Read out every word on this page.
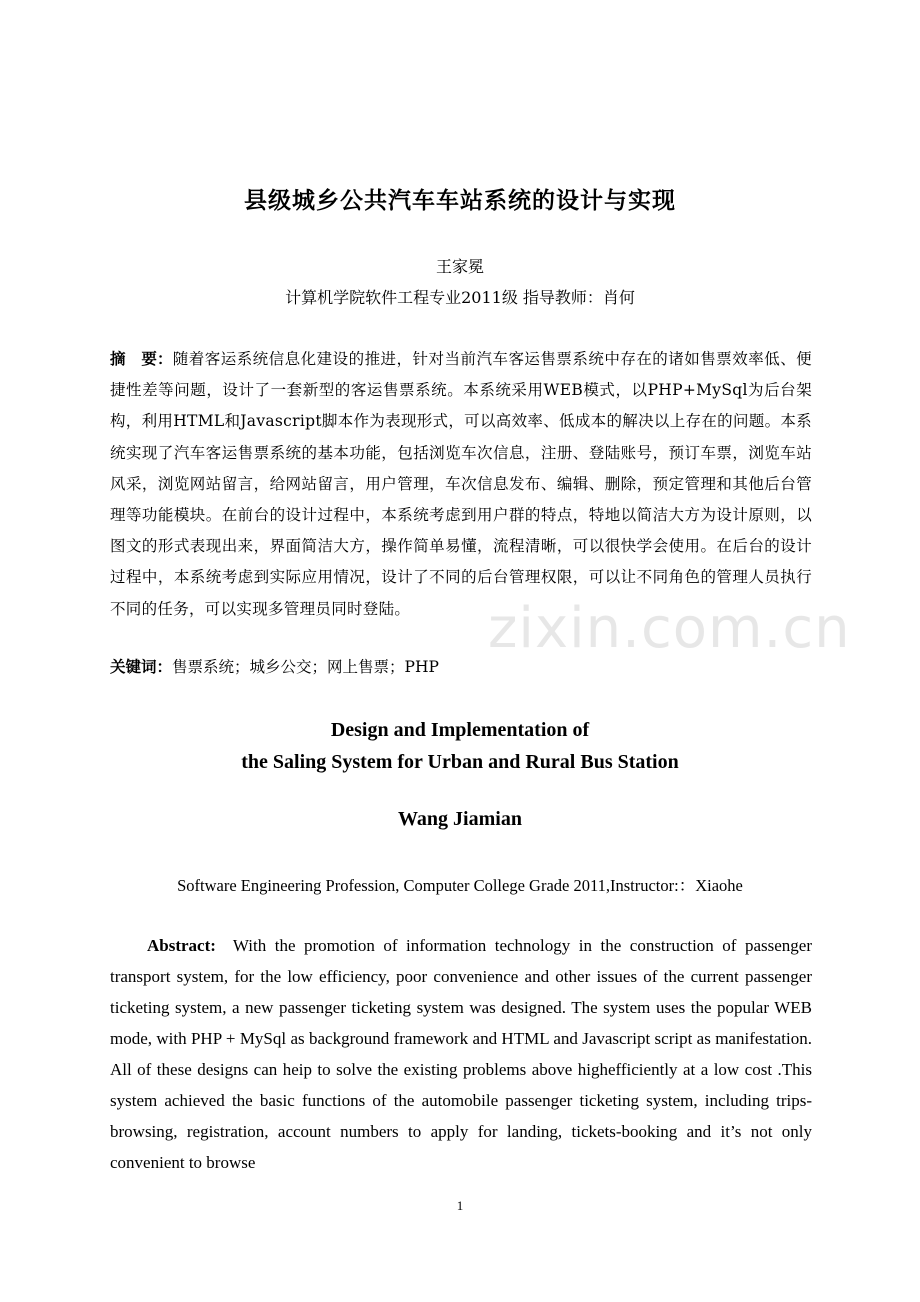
县级城乡公共汽车车站系统的设计与实现
王家冕
计算机学院软件工程专业2011级 指导教师：肖何
摘　要：随着客运系统信息化建设的推进，针对当前汽车客运售票系统中存在的诸如售票效率低、便捷性差等问题，设计了一套新型的客运售票系统。本系统采用WEB模式，以PHP+MySql为后台架构，利用HTML和Javascript脚本作为表现形式，可以高效率、低成本的解决以上存在的问题。本系统实现了汽车客运售票系统的基本功能，包括浏览车次信息，注册、登陆账号，预订车票，浏览车站风采，浏览网站留言，给网站留言，用户管理，车次信息发布、编辑、删除，预定管理和其他后台管理等功能模块。在前台的设计过程中，本系统考虑到用户群的特点，特地以简洁大方为设计原则，以图文的形式表现出来，界面简洁大方，操作简单易懂，流程清晰，可以很快学会使用。在后台的设计过程中，本系统考虑到实际应用情况，设计了不同的后台管理权限，可以让不同角色的管理人员执行不同的任务，可以实现多管理员同时登陆。
关键词：售票系统；城乡公交；网上售票；PHP
zixin.com.cn
Design and Implementation of
the Saling System for Urban and Rural Bus Station
Wang Jiamian
Software Engineering Profession, Computer College Grade 2011,Instructor:：Xiaohe
Abstract: With the promotion of information technology in the construction of passenger transport system, for the low efficiency, poor convenience and other issues of the current passenger ticketing system, a new passenger ticketing system was designed. The system uses the popular WEB mode, with PHP + MySql as background framework and HTML and Javascript script as manifestation. All of these designs can heip to solve the existing problems above highefficiently at a low cost .This system achieved the basic functions of the automobile passenger ticketing system, including trips-browsing, registration, account numbers to apply for landing, tickets-booking and it’s not only convenient to browse
1
